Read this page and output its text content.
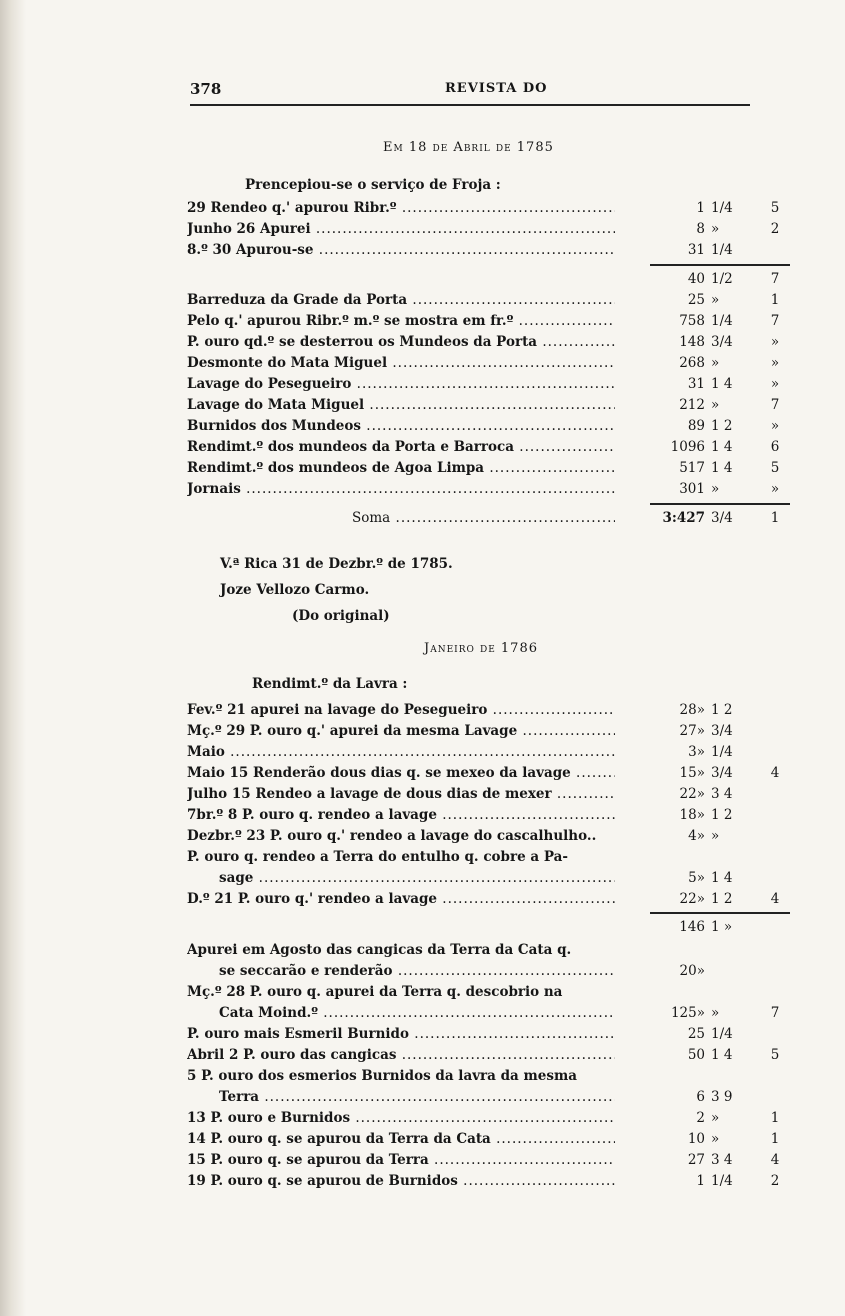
378	REVISTA DO
Em 18 de Abril de 1785
Prencepiou-se o serviço de Froja :
29 Rendeo q.' apurou Ribr.º .....	1 1/4	5
Junho 26 Apurei .....	8 »	2
8.º 30 Apurou-se .....	31 1/4
40 1/2	7
Barreduza da Grade da Porta .....	25 »	1
Pelo q.' apurou Ribr.º m.º se mostra em fr.º .....	758 1/4	7
P. ouro qd.º se desterrou os Mundeos da Porta .....	148 3/4	»
Desmonte do Mata Miguel .....	268 »	»
Lavage do Pesegueiro .....	31 1 4	»
Lavage do Mata Miguel .....	212 »	7
Burnidos dos Mundeos .....	89 1 2	»
Rendimt.º dos mundeos da Porta e Barroca .....	1096 1 4	6
Rendimt.º dos mundeos de Agoa Limpa .....	517 1 4	5
Jornais .....	301 »	»
Soma .....	3:427 3/4	1
V.ª Rica 31 de Dezbr.º de 1785.
Joze Vellozo Carmo.
(Do original)
Janeiro de 1786
Rendimt.º da Lavra :
Fev.º 21 apurei na lavage do Pesegueiro .....	28» 1 2
Mç.º 29 P. ouro q.' apurei da mesma Lavage .....	27» 3/4
Maio .....	3» 1/4
Maio 15 Renderão dous dias q. se mexeo da lavage .....	15» 3/4	4
Julho 15 Rendeo a lavage de dous dias de mexer .....	22» 3 4
7br.º 8 P. ouro q. rendeo a lavage .....	18» 1 2
Dezbr.º 23 P. ouro q.' rendeo a lavage do cascalhulho..	4» »
P. ouro q. rendeo a Terra do entulho q. cobre a Pa-
sage .....	5» 1 4
D.º 21 P. ouro q.' rendeo a lavage .....	22» 1 2	4
146 1 »
Apurei em Agosto das cangicas da Terra da Cata q.
se seccarão e renderão .....	20»
Mç.º 28 P. ouro q. apurei da Terra q. descobrio na
Cata Moind.º .....	125» »	7
P. ouro mais Esmeril Burnido .....	25 1/4
Abril 2 P. ouro das cangicas .....	50 1 4	5
5 P. ouro dos esmerios Burnidos da lavra da mesma
Terra .....	6 3 9
13 P. ouro e Burnidos .....	2 »	1
14 P. ouro q. se apurou da Terra da Cata .....	10 »	1
15 P. ouro q. se apurou da Terra .....	27 3 4	4
19 P. ouro q. se apurou de Burnidos .....	1 1/4	2
